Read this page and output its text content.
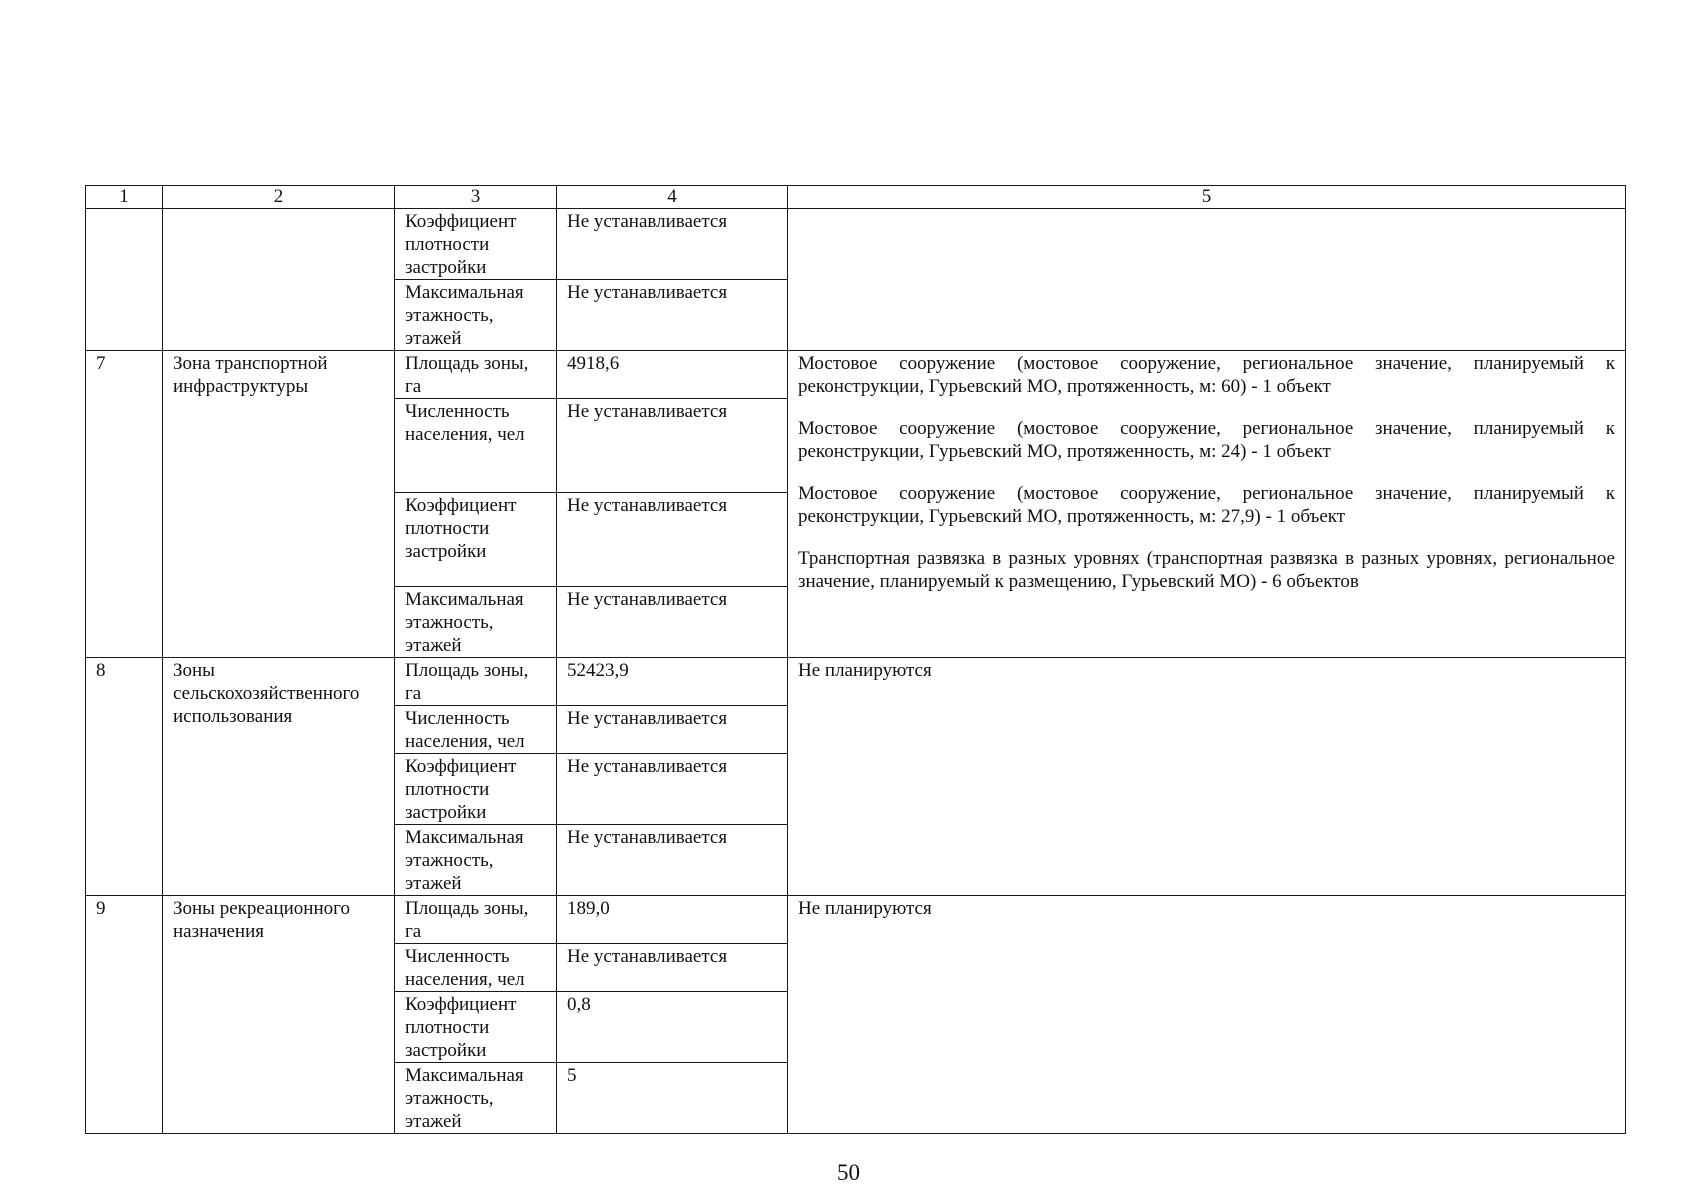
1	2	3	4	5
		Коэффициент плотности застройки	Не устанавливается	
		Максимальная этажность, этажей	Не устанавливается	
7	Зона транспортной инфраструктуры	Площадь зоны, га	4918,6	Мостовое сооружение (мостовое сооружение, региональное значение, планируемый к реконструкции, Гурьевский МО, протяженность, м: 60) - 1 объект

Мостовое сооружение (мостовое сооружение, региональное значение, планируемый к реконструкции, Гурьевский МО, протяженность, м: 24) - 1 объект

Мостовое сооружение (мостовое сооружение, региональное значение, планируемый к реконструкции, Гурьевский МО, протяженность, м: 27,9) - 1 объект

Транспортная развязка в разных уровнях (транспортная развязка в разных уровнях, региональное значение, планируемый к размещению, Гурьевский МО) - 6 объектов

		Численность населения, чел	Не устанавливается	
		Коэффициент плотности застройки	Не устанавливается	
		Максимальная этажность, этажей	Не устанавливается	
8	Зоны сельскохозяйственного использования	Площадь зоны, га	52423,9	Не планируются
		Численность населения, чел	Не устанавливается	
		Коэффициент плотности застройки	Не устанавливается	
		Максимальная этажность, этажей	Не устанавливается	
9	Зоны рекреационного назначения	Площадь зоны, га	189,0	Не планируются
		Численность населения, чел	Не устанавливается	
		Коэффициент плотности застройки	0,8	
		Максимальная этажность, этажей	5	
50
